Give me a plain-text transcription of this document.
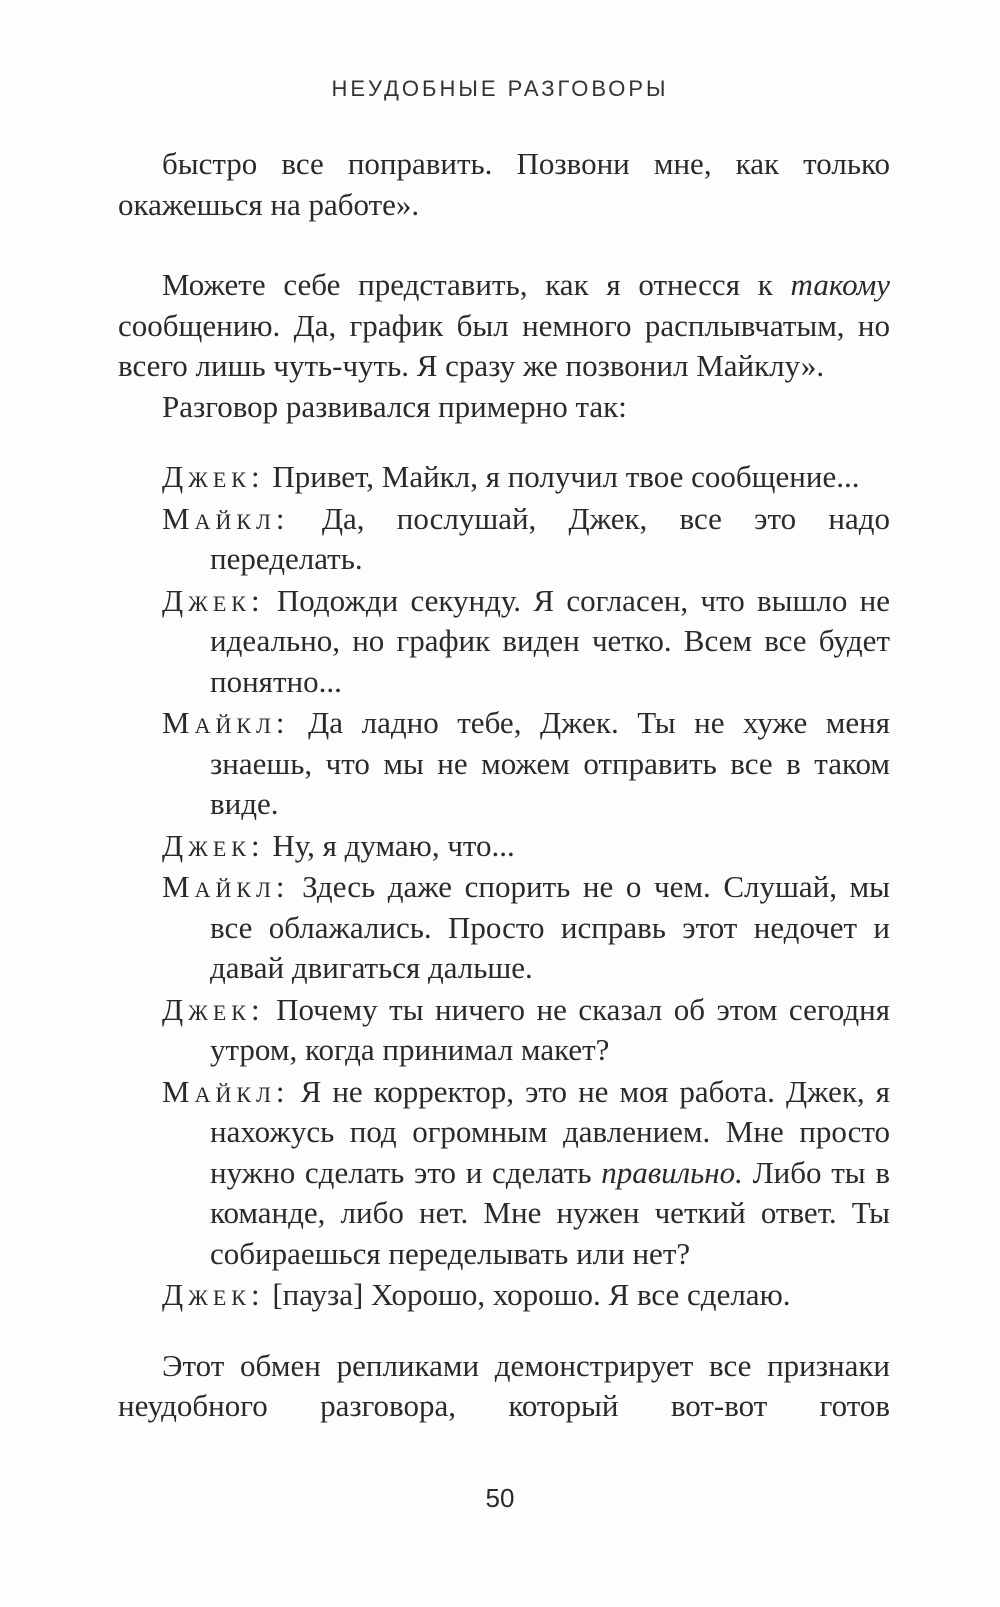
НЕУДОБНЫЕ РАЗГОВОРЫ

быстро все поправить. Позвони мне, как только окажешься на работе».

Можете себе представить, как я отнесся к такому сообщению. Да, график был немного расплывчатым, но всего лишь чуть-чуть. Я сразу же позвонил Майклу».

Разговор развивался примерно так:

Джек: Привет, Майкл, я получил твое сообщение...

Майкл: Да, послушай, Джек, все это надо переделать.

Джек: Подожди секунду. Я согласен, что вышло не идеально, но график виден четко. Всем все будет понятно...

Майкл: Да ладно тебе, Джек. Ты не хуже меня знаешь, что мы не можем отправить все в таком виде.

Джек: Ну, я думаю, что...

Майкл: Здесь даже спорить не о чем. Слушай, мы все облажались. Просто исправь этот недочет и давай двигаться дальше.

Джек: Почему ты ничего не сказал об этом сегодня утром, когда принимал макет?

Майкл: Я не корректор, это не моя работа. Джек, я нахожусь под огромным давлением. Мне просто нужно сделать это и сделать правильно. Либо ты в команде, либо нет. Мне нужен четкий ответ. Ты собираешься переделывать или нет?

Джек: [пауза] Хорошо, хорошо. Я все сделаю.

Этот обмен репликами демонстрирует все признаки неудобного разговора, который вот-вот готов

50
